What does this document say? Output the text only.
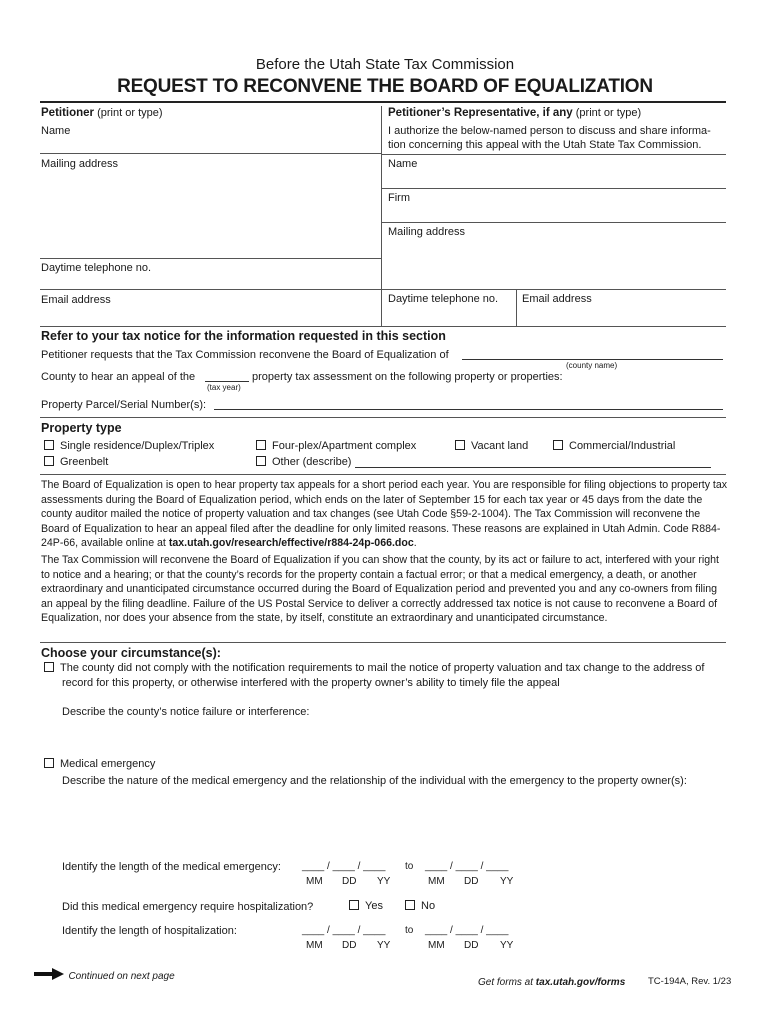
Before the Utah State Tax Commission
REQUEST TO RECONVENE THE BOARD OF EQUALIZATION
Petitioner (print or type)
Name
Mailing address
Daytime telephone no.
Email address
Petitioner’s Representative, if any (print or type)
I authorize the below-named person to discuss and share informa-
tion concerning this appeal with the Utah State Tax Commission.
Name
Firm
Mailing address
Daytime telephone no. Email address
Refer to your tax notice for the information requested in this section
Petitioner requests that the Tax Commission reconvene the Board of Equalization of
(county name)
County to hear an appeal of the	property tax assessment on the following property or properties:
(tax year)
Property Parcel/Serial Number(s):
Property type
Single residence/Duplex/Triplex	Four-plex/Apartment complex	Vacant land	Commercial/Industrial
Greenbelt	Other (describe)
The Board of Equalization is open to hear property tax appeals for a short period each year. You are responsible for filing objections to property tax assessments during the Board of Equalization period, which ends on the later of September 15 for each tax year or 45 days from the date the county auditor mailed the notice of property valuation and tax changes (see Utah Code §59-2-1004). The Tax Commission will reconvene the Board of Equalization to hear an appeal filed after the deadline for only limited reasons. These reasons are explained in Utah Admin. Code R884-24P-66, available online at tax.utah.gov/research/effective/r884-24p-066.doc.
The Tax Commission will reconvene the Board of Equalization if you can show that the county, by its act or failure to act, interfered with your right to notice and a hearing; or that the county’s records for the property contain a factual error; or that a medical emergency, a death, or another extraordinary and unanticipated circumstance occurred during the Board of Equalization period and prevented you and any co-owners from filing an appeal by the filing deadline. Failure of the US Postal Service to deliver a correctly addressed tax notice is not cause to reconvene a Board of Equalization, nor does your absence from the state, by itself, constitute an extraordinary and unanticipated circumstance.
Choose your circumstance(s):
The county did not comply with the notification requirements to mail the notice of property valuation and tax change to the address of
record for this property, or otherwise interfered with the property owner’s ability to timely file the appeal
Describe the county’s notice failure or interference:
Medical emergency
Describe the nature of the medical emergency and the relationship of the individual with the emergency to the property owner(s):
Identify the length of the medical emergency: ____ / ____ / ____ to ____ / ____ / ____
MM DD YY	MM DD YY
Did this medical emergency require hospitalization?	Yes	No
Identify the length of hospitalization:	____ / ____ / ____ to ____ / ____ / ____
MM DD YY	MM DD YY
Continued on next page
Get forms at tax.utah.gov/forms TC-194A, Rev. 1/23
